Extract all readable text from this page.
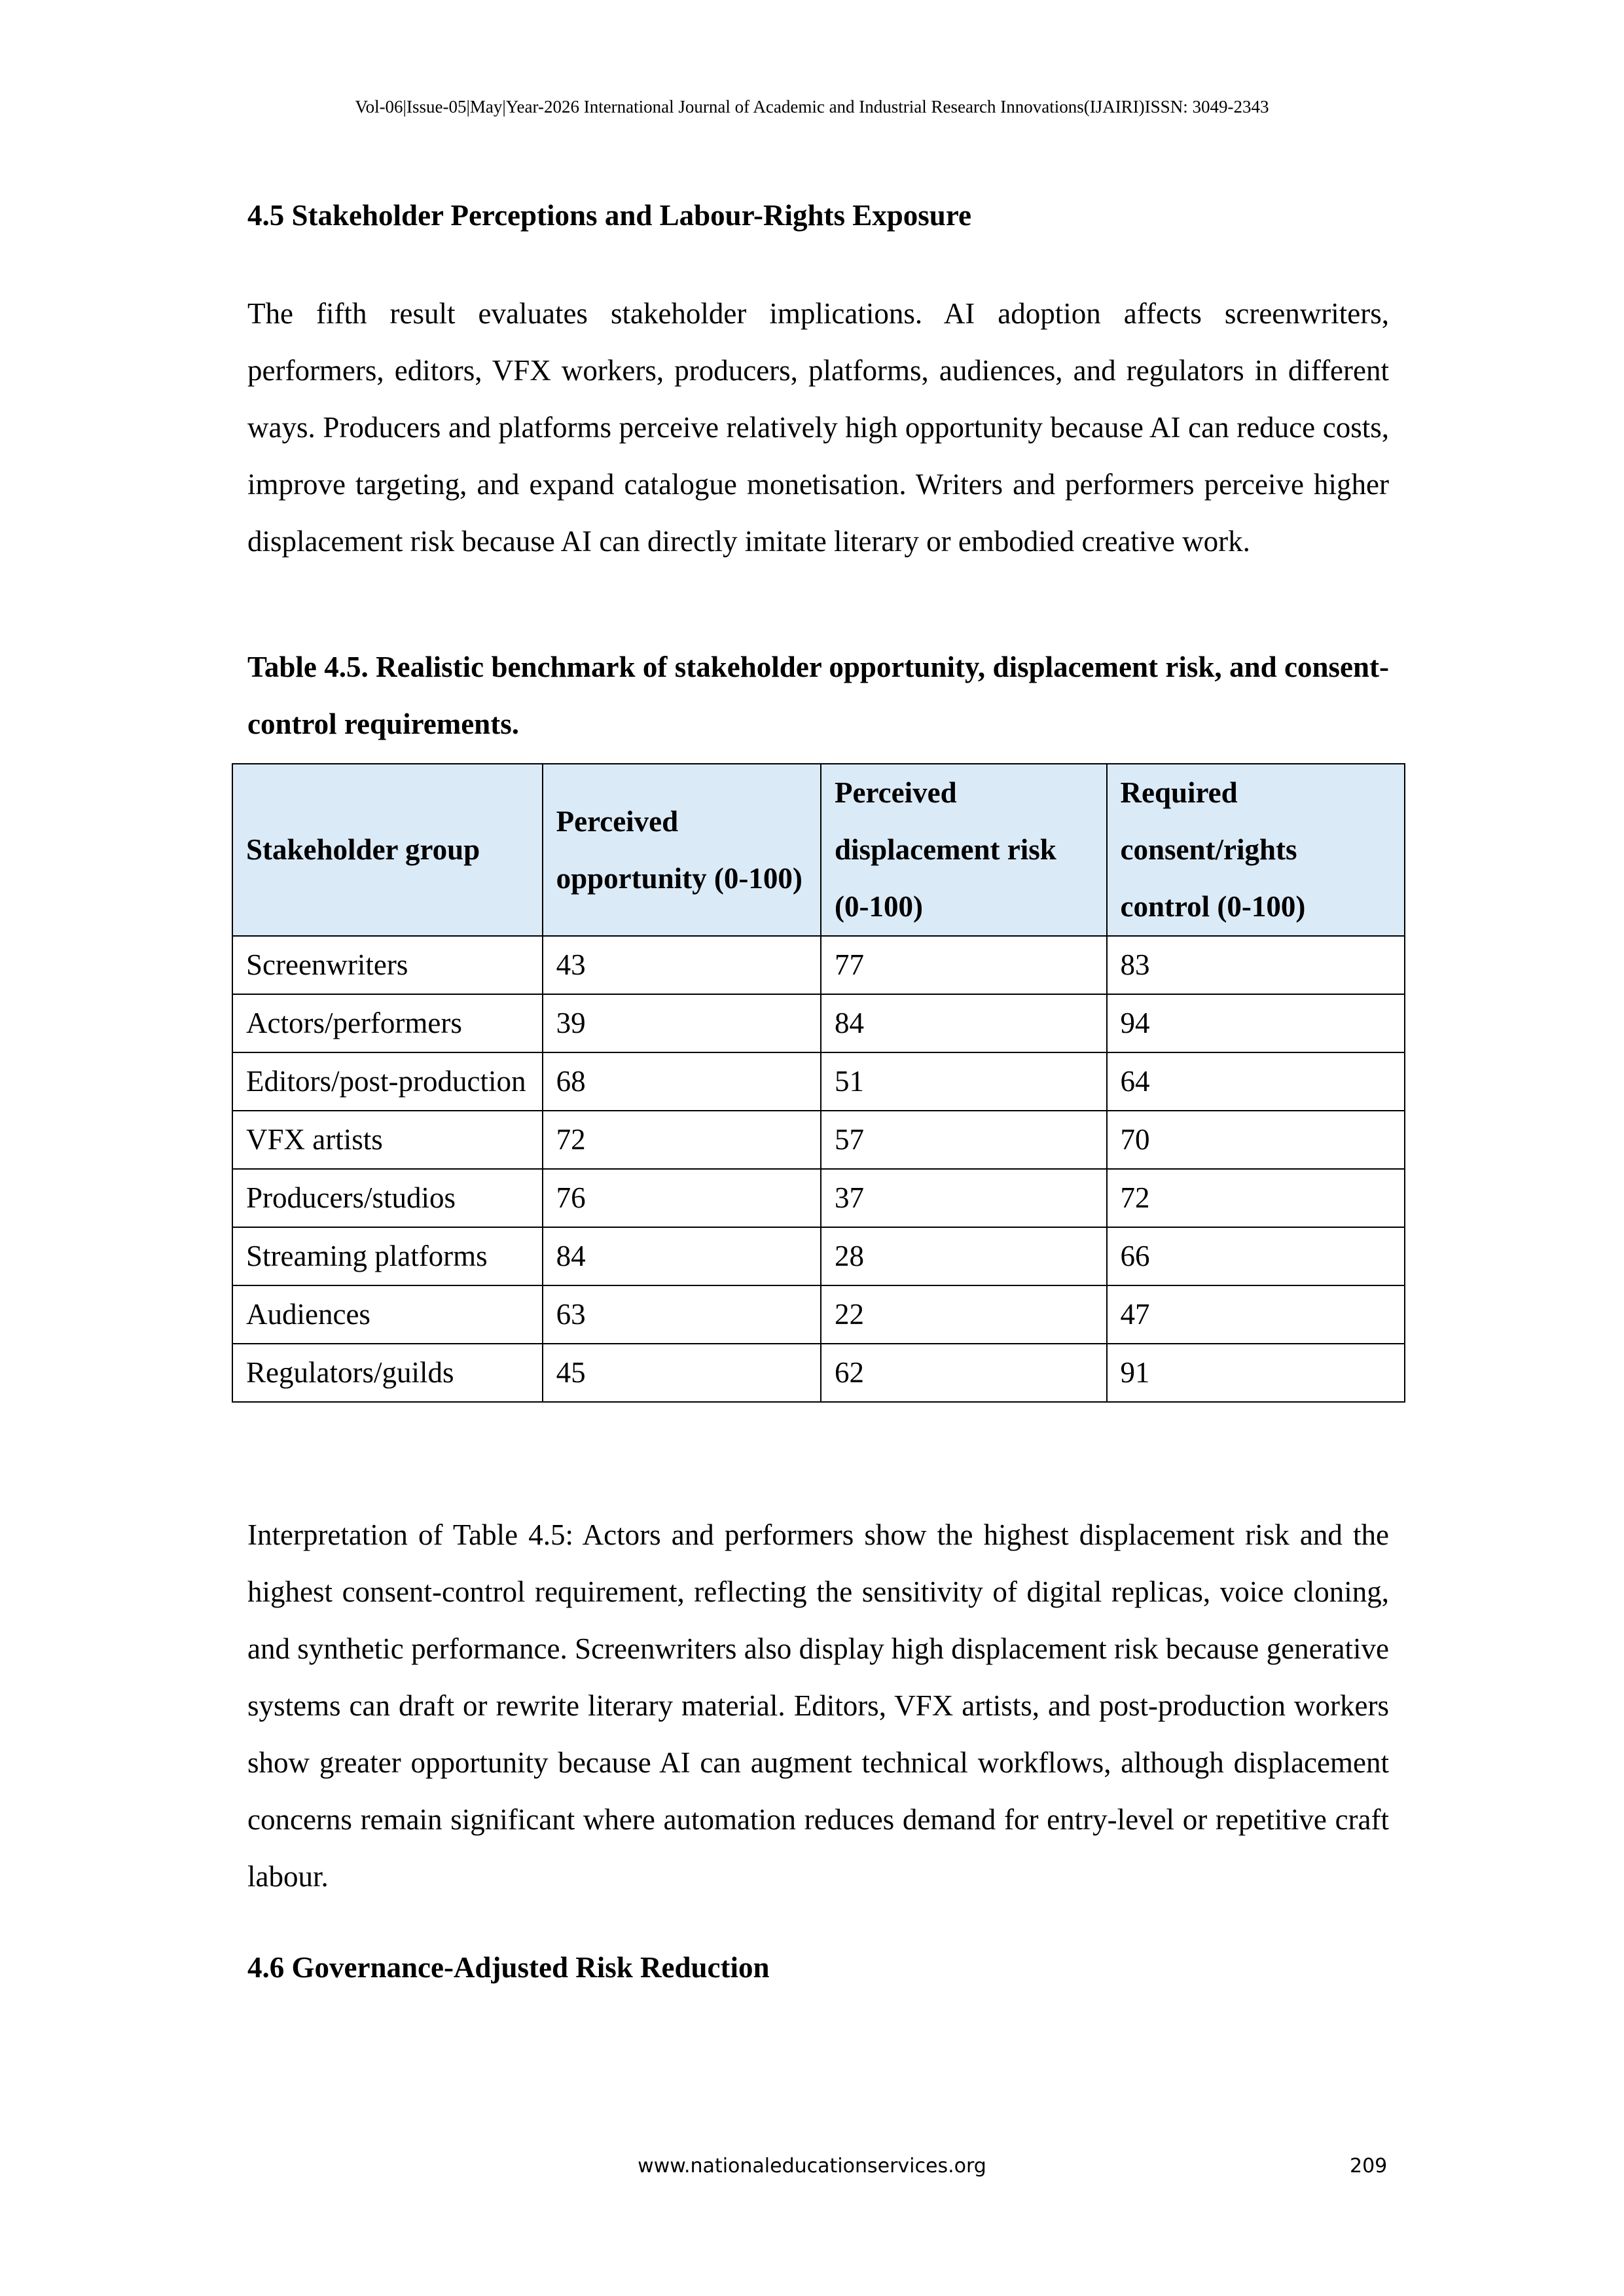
Vol-06|Issue-05|May|Year-2026 International Journal of Academic and Industrial Research Innovations(IJAIRI)ISSN: 3049-2343
4.5 Stakeholder Perceptions and Labour-Rights Exposure

The fifth result evaluates stakeholder implications. AI adoption affects screenwriters, performers, editors, VFX workers, producers, platforms, audiences, and regulators in different ways. Producers and platforms perceive relatively high opportunity because AI can reduce costs, improve targeting, and expand catalogue monetisation. Writers and performers perceive higher displacement risk because AI can directly imitate literary or embodied creative work.

Table 4.5. Realistic benchmark of stakeholder opportunity, displacement risk, and consent-control requirements.

Stakeholder group	Perceived opportunity (0-100)	Perceived displacement risk (0-100)	Required consent/rights control (0-100)
Screenwriters	43	77	83
Actors/performers	39	84	94
Editors/post-production	68	51	64
VFX artists	72	57	70
Producers/studios	76	37	72
Streaming platforms	84	28	66
Audiences	63	22	47
Regulators/guilds	45	62	91

Interpretation of Table 4.5: Actors and performers show the highest displacement risk and the highest consent-control requirement, reflecting the sensitivity of digital replicas, voice cloning, and synthetic performance. Screenwriters also display high displacement risk because generative systems can draft or rewrite literary material. Editors, VFX artists, and post-production workers show greater opportunity because AI can augment technical workflows, although displacement concerns remain significant where automation reduces demand for entry-level or repetitive craft labour.

4.6 Governance-Adjusted Risk Reduction
www.nationaleducationservices.org	209
